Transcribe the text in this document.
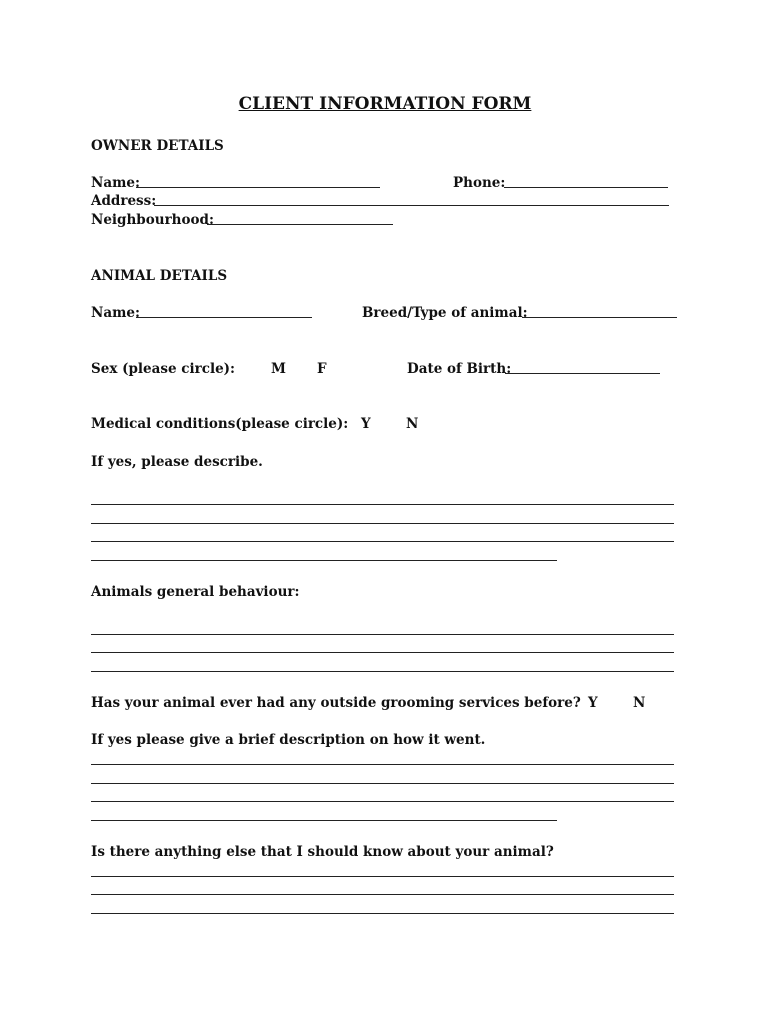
CLIENT INFORMATION FORM
OWNER DETAILS
Name:	Phone:
Address:
Neighbourhood:
ANIMAL DETAILS
Name:	Breed/Type of animal:
Sex (please circle):	M F	Date of Birth:
Medical conditions(please circle): Y	N
If yes, please describe.
Animals general behaviour:
Has your animal ever had any outside grooming services before? Y	N
If yes please give a brief description on how it went.
Is there anything else that I should know about your animal?
